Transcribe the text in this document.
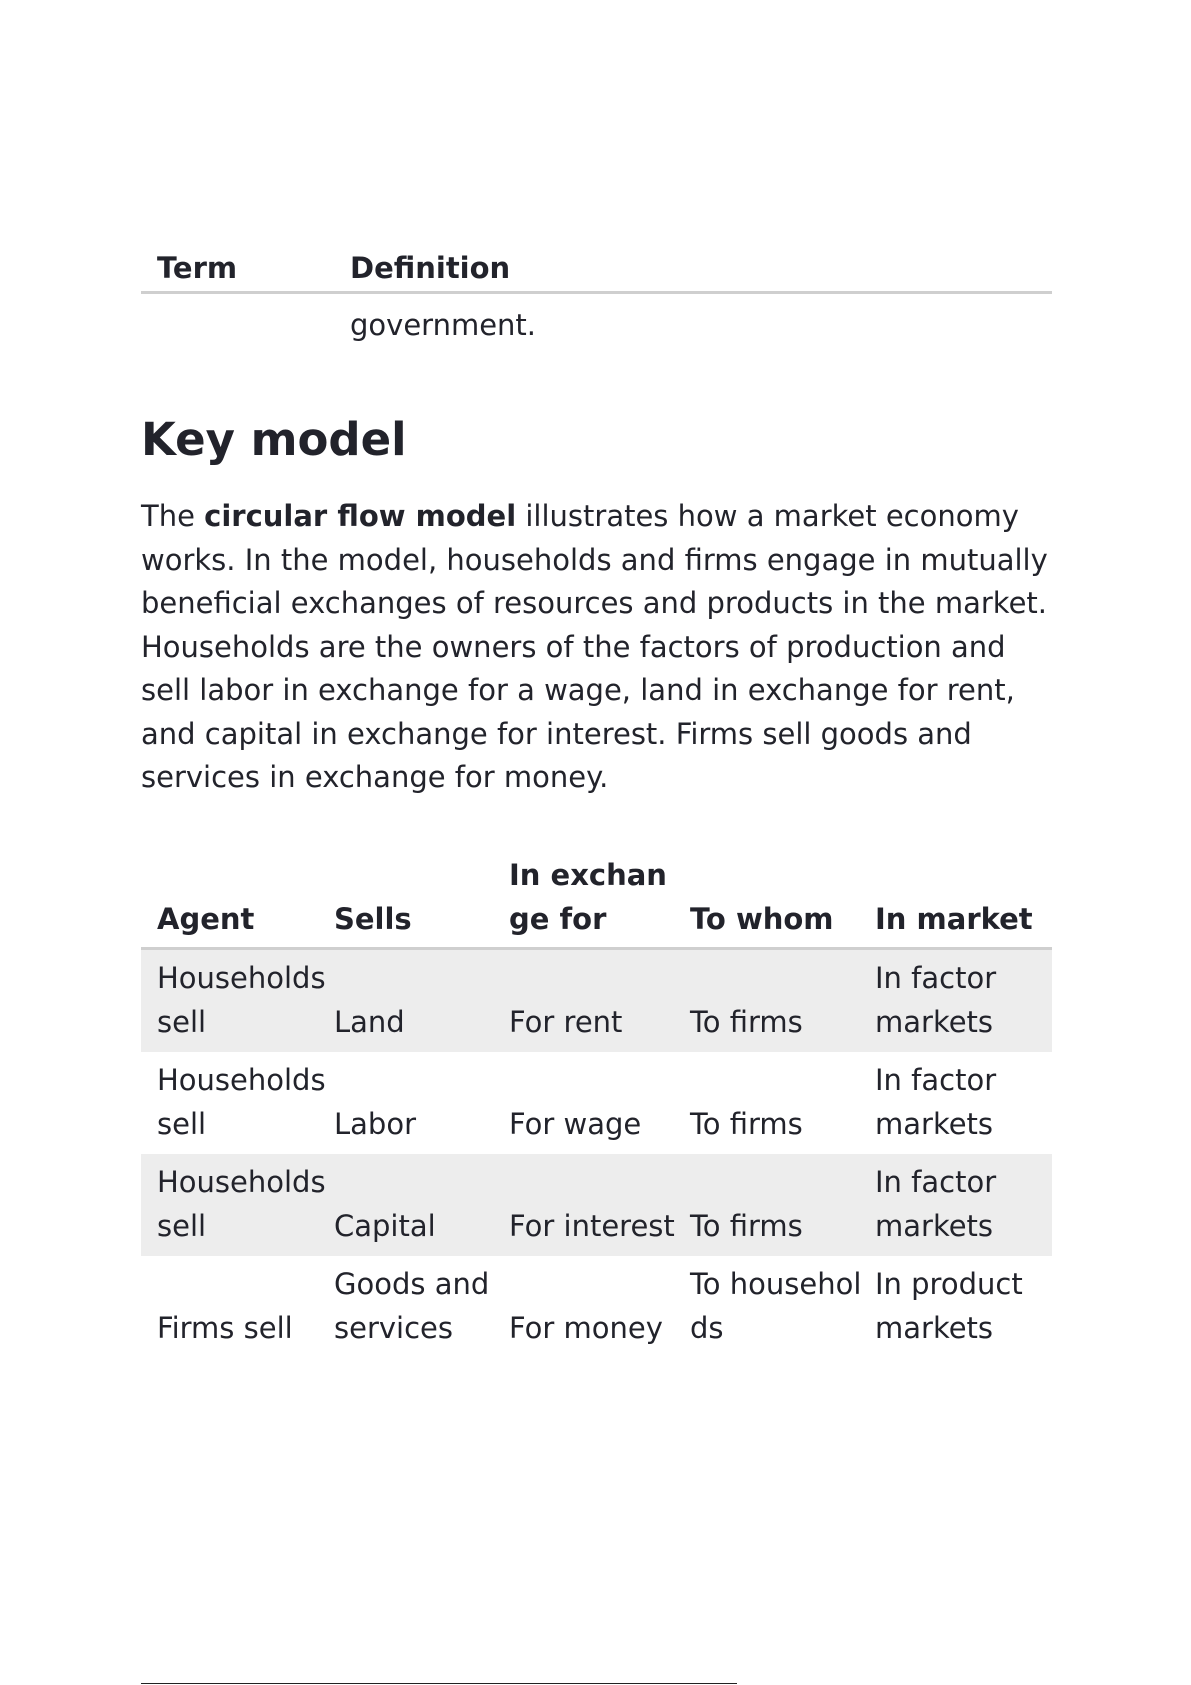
Term	Definition
	government.
Key model

The circular flow model illustrates how a market economy works. In the model, households and firms engage in mutually beneficial exchanges of resources and products in the market.

Households are the owners of the factors of production and sell labor in exchange for a wage, land in exchange for rent, and capital in exchange for interest. Firms sell goods and services in exchange for money.

Agent	Sells	In exchange for	To whom	In market
Households sell	Land	For rent	To firms	In factor markets
Households sell	Labor	For wage	To firms	In factor markets
Households sell	Capital	For interest	To firms	In factor markets
Firms sell	Goods and services	For money	To households	In product markets
